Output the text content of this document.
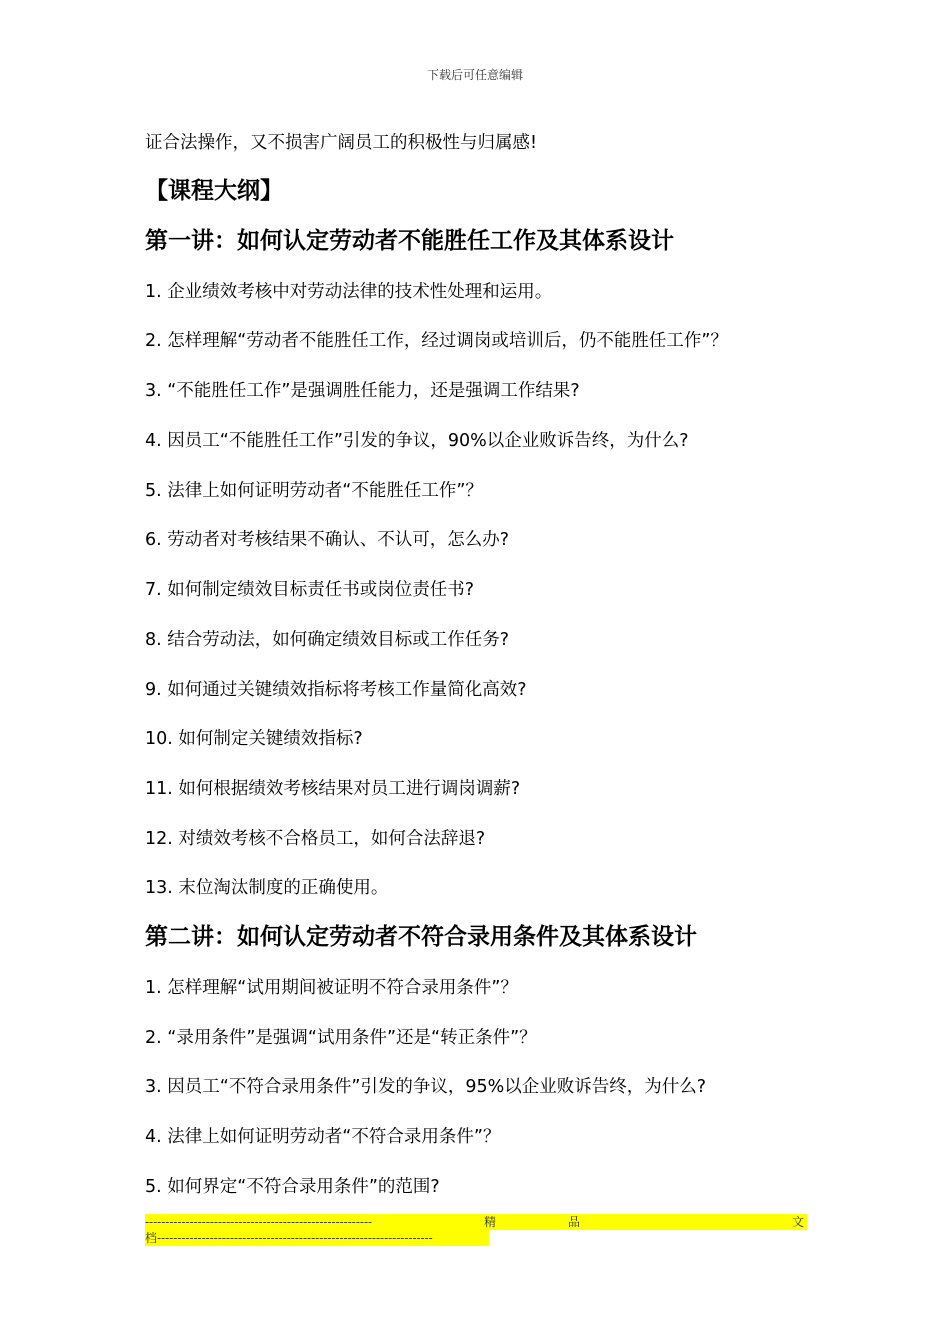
下载后可任意编辑
证合法操作，又不损害广阔员工的积极性与归属感!
【课程大纲】
第一讲：如何认定劳动者不能胜任工作及其体系设计
1. 企业绩效考核中对劳动法律的技术性处理和运用。
2. 怎样理解“劳动者不能胜任工作，经过调岗或培训后，仍不能胜任工作”？
3. “不能胜任工作”是强调胜任能力，还是强调工作结果?
4. 因员工“不能胜任工作”引发的争议，90%以企业败诉告终，为什么?
5. 法律上如何证明劳动者“不能胜任工作”？
6. 劳动者对考核结果不确认、不认可，怎么办?
7. 如何制定绩效目标责任书或岗位责任书?
8. 结合劳动法，如何确定绩效目标或工作任务?
9. 如何通过关键绩效指标将考核工作量简化高效?
10. 如何制定关键绩效指标?
11. 如何根据绩效考核结果对员工进行调岗调薪?
12. 对绩效考核不合格员工，如何合法辞退?
13. 末位淘汰制度的正确使用。
第二讲：如何认定劳动者不符合录用条件及其体系设计
1. 怎样理解“试用期间被证明不符合录用条件”？
2. “录用条件”是强调“试用条件”还是“转正条件”？
3. 因员工“不符合录用条件”引发的争议，95%以企业败诉告终，为什么?
4. 法律上如何证明劳动者“不符合录用条件”？
5. 如何界定“不符合录用条件”的范围?
--------------------------------------------------------	精	品	文
档--------------------------------------------------------------------
